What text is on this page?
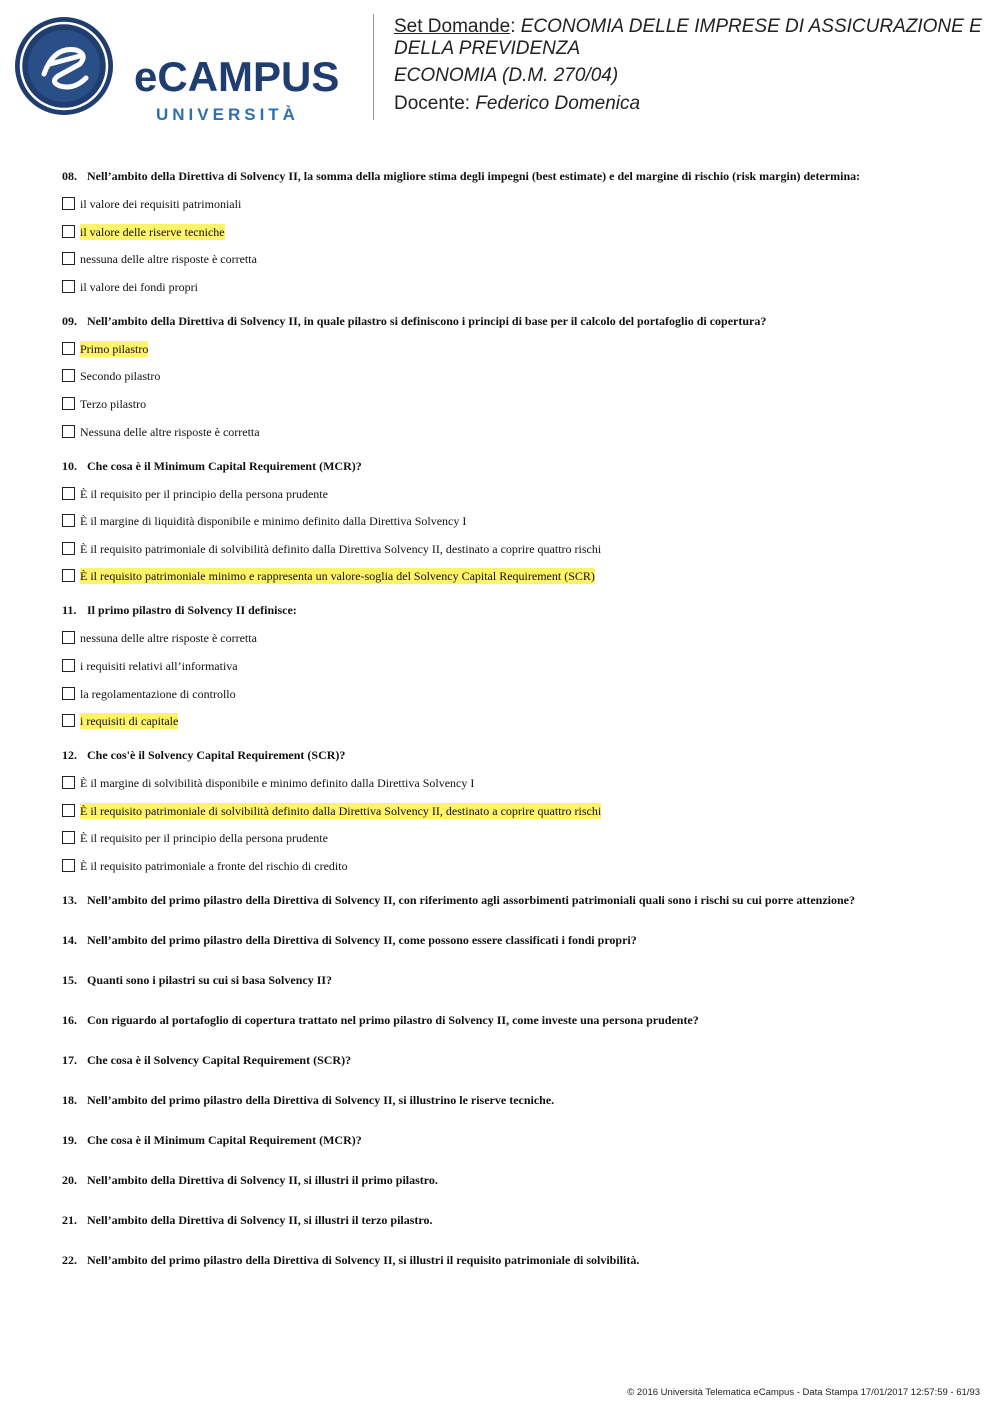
eCAMPUS
UNIVERSITÀ

Set Domande: ECONOMIA DELLE IMPRESE DI ASSICURAZIONE E
DELLA PREVIDENZA

ECONOMIA (D.M. 270/04)

Docente: Federico Domenica

08. Nell’ambito della Direttiva di Solvency II, la somma della migliore stima degli impegni (best estimate) e del margine di rischio (risk margin) determina:
il valore dei requisiti patrimoniali
il valore delle riserve tecniche
nessuna delle altre risposte è corretta
il valore dei fondi propri
09. Nell’ambito della Direttiva di Solvency II, in quale pilastro si definiscono i principi di base per il calcolo del portafoglio di copertura?
Primo pilastro
Secondo pilastro
Terzo pilastro
Nessuna delle altre risposte è corretta
10. Che cosa è il Minimum Capital Requirement (MCR)?
È il requisito per il principio della persona prudente
È il margine di liquidità disponibile e minimo definito dalla Direttiva Solvency I
È il requisito patrimoniale di solvibilità definito dalla Direttiva Solvency II, destinato a coprire quattro rischi
È il requisito patrimoniale minimo e rappresenta un valore-soglia del Solvency Capital Requirement (SCR)
11. Il primo pilastro di Solvency II definisce:
nessuna delle altre risposte è corretta
i requisiti relativi all’informativa
la regolamentazione di controllo
i requisiti di capitale
12. Che cos'è il Solvency Capital Requirement (SCR)?
È il margine di solvibilità disponibile e minimo definito dalla Direttiva Solvency I
È il requisito patrimoniale di solvibilità definito dalla Direttiva Solvency II, destinato a coprire quattro rischi
È il requisito per il principio della persona prudente
È il requisito patrimoniale a fronte del rischio di credito
13. Nell’ambito del primo pilastro della Direttiva di Solvency II, con riferimento agli assorbimenti patrimoniali quali sono i rischi su cui porre attenzione?
14. Nell’ambito del primo pilastro della Direttiva di Solvency II, come possono essere classificati i fondi propri?
15. Quanti sono i pilastri su cui si basa Solvency II?
16. Con riguardo al portafoglio di copertura trattato nel primo pilastro di Solvency II, come investe una persona prudente?
17. Che cosa è il Solvency Capital Requirement (SCR)?
18. Nell’ambito del primo pilastro della Direttiva di Solvency II, si illustrino le riserve tecniche.
19. Che cosa è il Minimum Capital Requirement (MCR)?
20. Nell’ambito della Direttiva di Solvency II, si illustri il primo pilastro.
21. Nell’ambito della Direttiva di Solvency II, si illustri il terzo pilastro.
22. Nell’ambito del primo pilastro della Direttiva di Solvency II, si illustri il requisito patrimoniale di solvibilità.
© 2016 Università Telematica eCampus - Data Stampa 17/01/2017 12:57:59 - 61/93
